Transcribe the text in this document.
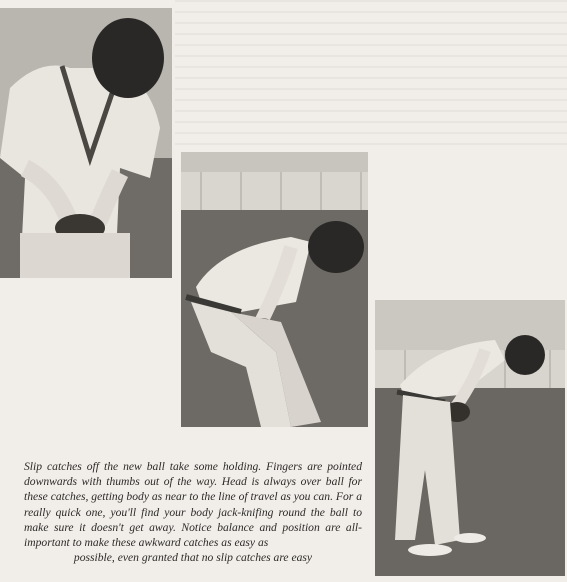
Slip catches off the new ball take some holding. Fingers are pointed downwards with thumbs out of the way. Head is always over ball for these catches, getting body as near to the line of travel as you can. For a really quick one, you'll find your body jack-knifing round the ball to make sure it doesn't get away. Notice balance and position are all-important to make these awkward catches as easy as
possible, even granted that no slip catches are easy
